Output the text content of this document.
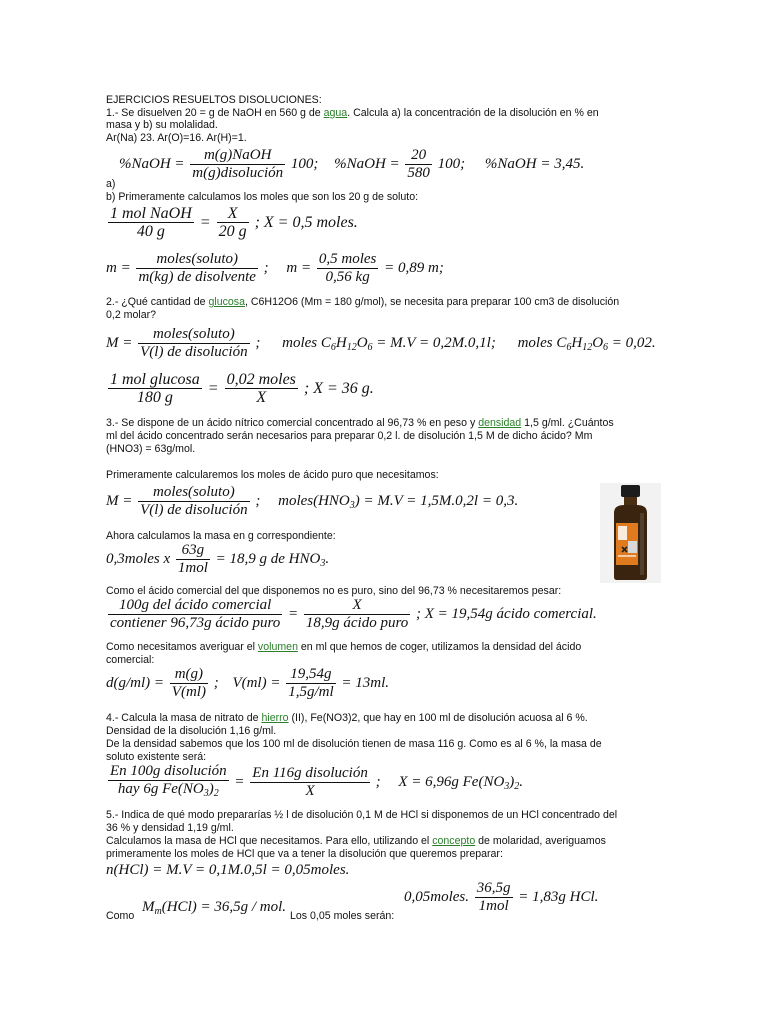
EJERCICIOS RESUELTOS DISOLUCIONES:
1.- Se disuelven 20 = g de NaOH en 560 g de agua. Calcula a) la concentración de la disolución en % en
masa y b) su molalidad.
Ar(Na) 23. Ar(O)=16. Ar(H)=1.
%NaOH = $\frac{\text{m(g)NaOH}}{\text{m(g)disolución}} 100$; %NaOH = $\frac{20}{580} 100$; %NaOH = 3,45.
a)
b) Primeramente calculamos los moles que son los 20 g de soluto:
$\frac{\text{1 mol NaOH}}{40 g} = \frac{X}{20 g}$ ; X = 0,5 moles.
$m = \frac{\text{moles(soluto)}}{\text{m(kg) de disolvente}}$ ; $m = \frac{\text{0,5 moles}}{0,56 kg} = 0,89$ m;
2.- ¿Qué cantidad de glucosa, C6H12O6 (Mm = 180 g/mol), se necesita para preparar 100 cm3 de disolución
0,2 molar?
$M = \frac{\text{moles(soluto)}}{\text{V(l) de disolución}}$ ; moles $C_6H_{12}O_6 = M.V = 0,2M.0,1l$; moles $C_6H_{12}O_6 = 0,02$.
$\frac{\text{1 mol glucosa}}{180 g} = \frac{\text{0,02 moles}}{X}$ ; X = 36 g.
3.- Se dispone de un ácido nítrico comercial concentrado al 96,73 % en peso y densidad 1,5 g/ml. ¿Cuántos
ml del ácido concentrado serán necesarios para preparar 0,2 l. de disolución 1,5 M de dicho ácido? Mm
(HNO3) = 63g/mol.
Primeramente calcularemos los moles de ácido puro que necesitamos:
$M = \frac{\text{moles(soluto)}}{\text{V(l) de disolución}}$ ; $moles(HNO_3) = M.V = 1,5M.0,2l = 0,3$.
Ahora calculamos la masa en g correspondiente:
0,3moles x $\frac{63g}{\text{1mol}} = 18,9$ g de $HNO_3$.
Como el ácido comercial del que disponemos no es puro, sino del 96,73 % necesitaremos pesar:
$\frac{\text{100g del ácido comercial}}{\text{contiener 96,73g ácido puro}} = \frac{X}{\text{18,9g ácido puro}}$ ; X = 19,54g ácido comercial.
Como necesitamos averiguar el volumen en ml que hemos de coger, utilizamos la densidad del ácido
comercial:
$d(g/ml) = \frac{m(g)}{V(ml)}$ ; $V(ml) = \frac{19,54g}{1,5g/ml} = 13ml$.
4.- Calcula la masa de nitrato de hierro (II), Fe(NO3)2, que hay en 100 ml de disolución acuosa al 6 %.
Densidad de la disolución 1,16 g/ml.
De la densidad sabemos que los 100 ml de disolución tienen de masa 116 g. Como es al 6 %, la masa de
soluto existente será:
$\frac{\text{En 100g disolución}}{hay 6g Fe(NO_3)_2} = \frac{\text{En 116g disolución}}{X}$ ; X = 6,96g $Fe(NO_3)_2$.
5.- Indica de qué modo prepararías ½ l de disolución 0,1 M de HCl si disponemos de un HCl concentrado del
36 % y densidad 1,19 g/ml.
Calculamos la masa de HCl que necesitamos. Para ello, utilizando el concepto de molaridad, averiguamos
primeramente los moles de HCl que va a tener la disolución que queremos preparar:
n(HCl) = M.V = 0,1M.0,5l = 0,05moles.
Como
$M_m(HCl) = 36,5g$ / mol.
Los 0,05 moles serán:
0,05moles. $\frac{36,5g}{\text{1mol}} = 1,83g$ HCl.
